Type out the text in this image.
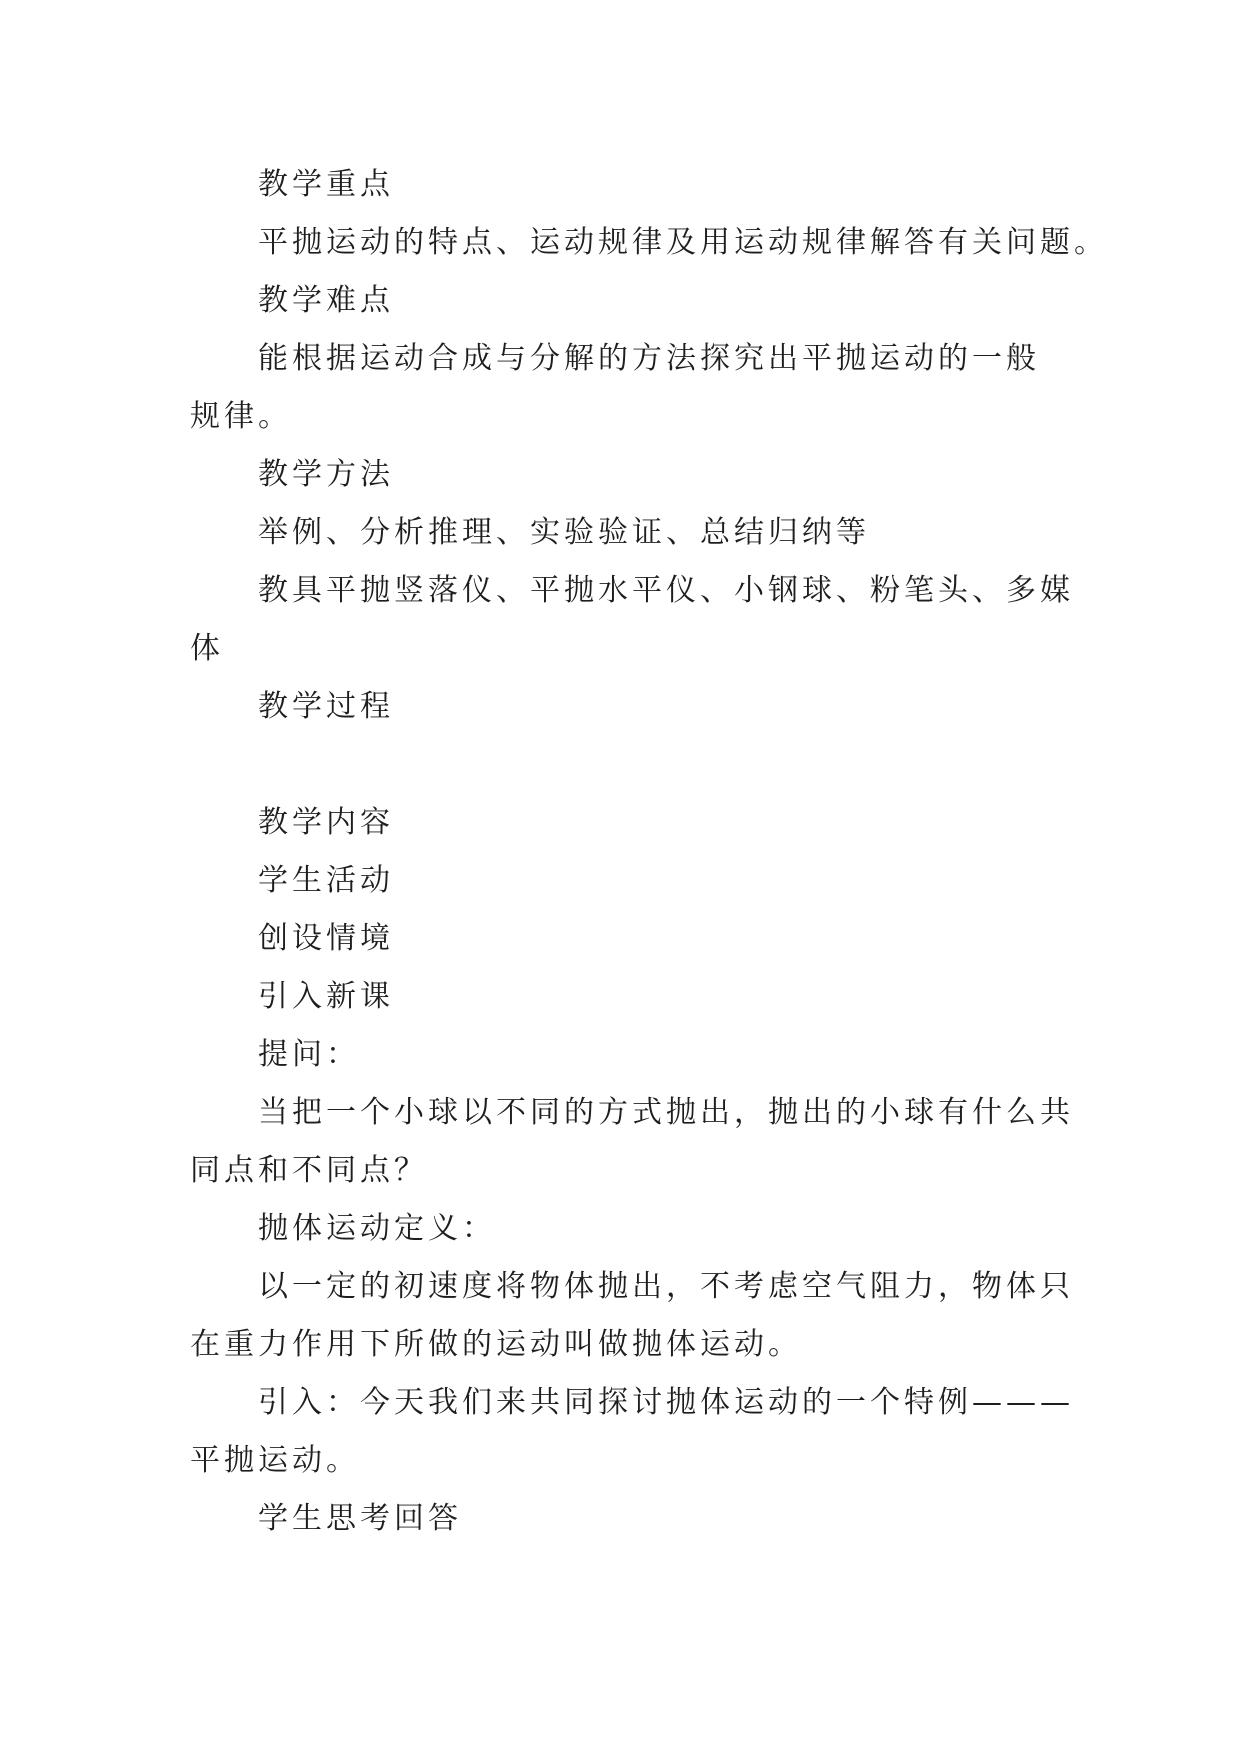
教学重点
平抛运动的特点、运动规律及用运动规律解答有关问题。
教学难点
能根据运动合成与分解的方法探究出平抛运动的一般
规律。
教学方法
举例、分析推理、实验验证、总结归纳等
教具平抛竖落仪、平抛水平仪、小钢球、粉笔头、多媒
体
教学过程
教学内容
学生活动
创设情境
引入新课
提问：
当把一个小球以不同的方式抛出，抛出的小球有什么共
同点和不同点？
抛体运动定义：
以一定的初速度将物体抛出，不考虑空气阻力，物体只
在重力作用下所做的运动叫做抛体运动。
引入：今天我们来共同探讨抛体运动的一个特例———
平抛运动。
学生思考回答
